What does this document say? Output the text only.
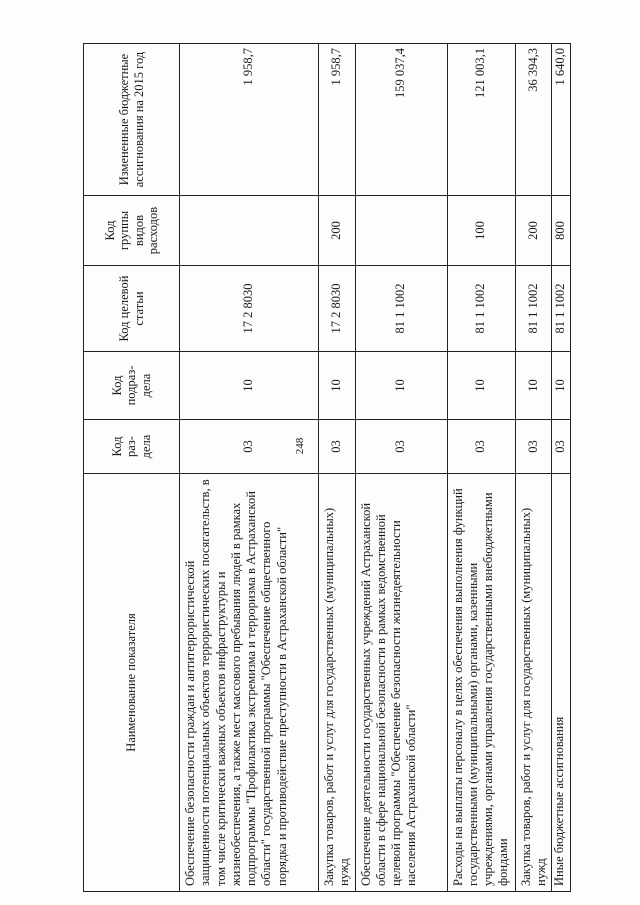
248
Наименование показателя	Код раз-дела	Код подраз-дела	Код целевой статьи	Код группы видов расходов	Измененные бюджетные ассигнования на 2015 год
Обеспечение безопасности граждан и антитеррористической защищенности потенциальных объектов террористических посягательств, в том числе критически важных объектов инфраструктуры и жизнеобеспечения, а также мест массового пребывания людей в рамках подпрограммы "Профилактика экстремизма и терроризма в Астраханской области" государственной программы "Обеспечение общественного порядка и противодействие преступности в Астраханской области"	03	10	17 2 8030		1 958,7
Закупка товаров, работ и услуг для государственных (муниципальных) нужд	03	10	17 2 8030	200	1 958,7
Обеспечение деятельности государственных учреждений Астраханской области в сфере национальной безопасности в рамках ведомственной целевой программы "Обеспечение безопасности жизнедеятельности населения Астраханской области"	03	10	81 1 1002		159 037,4
Расходы на выплаты персоналу в целях обеспечения выполнения функций государственными (муниципальными) органами, казенными учреждениями, органами управления государственными внебюджетными фондами	03	10	81 1 1002	100	121 003,1
Закупка товаров, работ и услуг для государственных (муниципальных) нужд	03	10	81 1 1002	200	36 394,3
Иные бюджетные ассигнования	03	10	81 1 1002	800	1 640,0
